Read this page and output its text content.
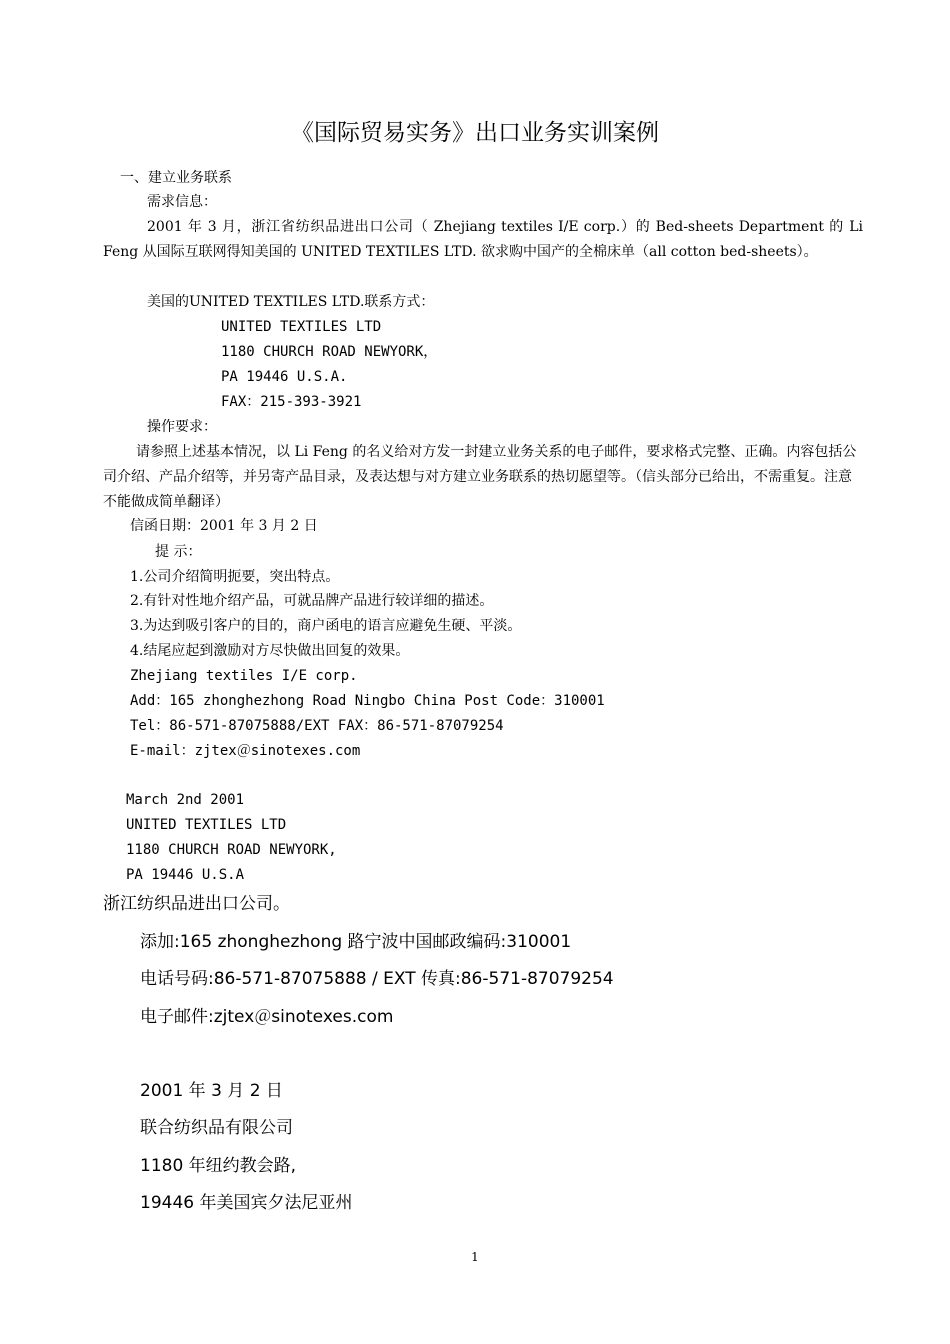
《国际贸易实务》出口业务实训案例
一、建立业务联系
需求信息：
2001 年 3 月，浙江省纺织品进出口公司（ Zhejiang textiles I/E corp.）的 Bed-sheets Department 的 Li Feng 从国际互联网得知美国的 UNITED TEXTILES LTD. 欲求购中国产的全棉床单（all cotton bed-sheets）。
美国的UNITED TEXTILES LTD.联系方式：
UNITED TEXTILES LTD
1180 CHURCH ROAD NEWYORK，
PA 19446 U.S.A.
FAX：215-393-3921
操作要求：
请参照上述基本情况，以 Li Feng 的名义给对方发一封建立业务关系的电子邮件，要求格式完整、正确。内容包括公司介绍、产品介绍等，并另寄产品目录，及表达想与对方建立业务联系的热切愿望等。（信头部分已给出，不需重复。注意不能做成简单翻译）
信函日期：2001 年 3 月 2 日
提 示：
1.公司介绍简明扼要，突出特点。
2.有针对性地介绍产品，可就品牌产品进行较详细的描述。
3.为达到吸引客户的目的，商户函电的语言应避免生硬、平淡。
4.结尾应起到激励对方尽快做出回复的效果。
Zhejiang textiles I/E corp.
Add：165 zhonghezhong Road Ningbo China Post Code：310001
Tel：86-571-87075888/EXT FAX：86-571-87079254
E-mail：zjtex＠sinotexes.com
March 2nd 2001
UNITED TEXTILES LTD
1180 CHURCH ROAD NEWYORK,
PA 19446 U.S.A
浙江纺织品进出口公司。
添加:165 zhonghezhong 路宁波中国邮政编码:310001
电话号码:86-571-87075888 / EXT 传真:86-571-87079254
电子邮件:zjtex＠sinotexes.com
2001 年 3 月 2 日
联合纺织品有限公司
1180 年纽约教会路,
19446 年美国宾夕法尼亚州
1
